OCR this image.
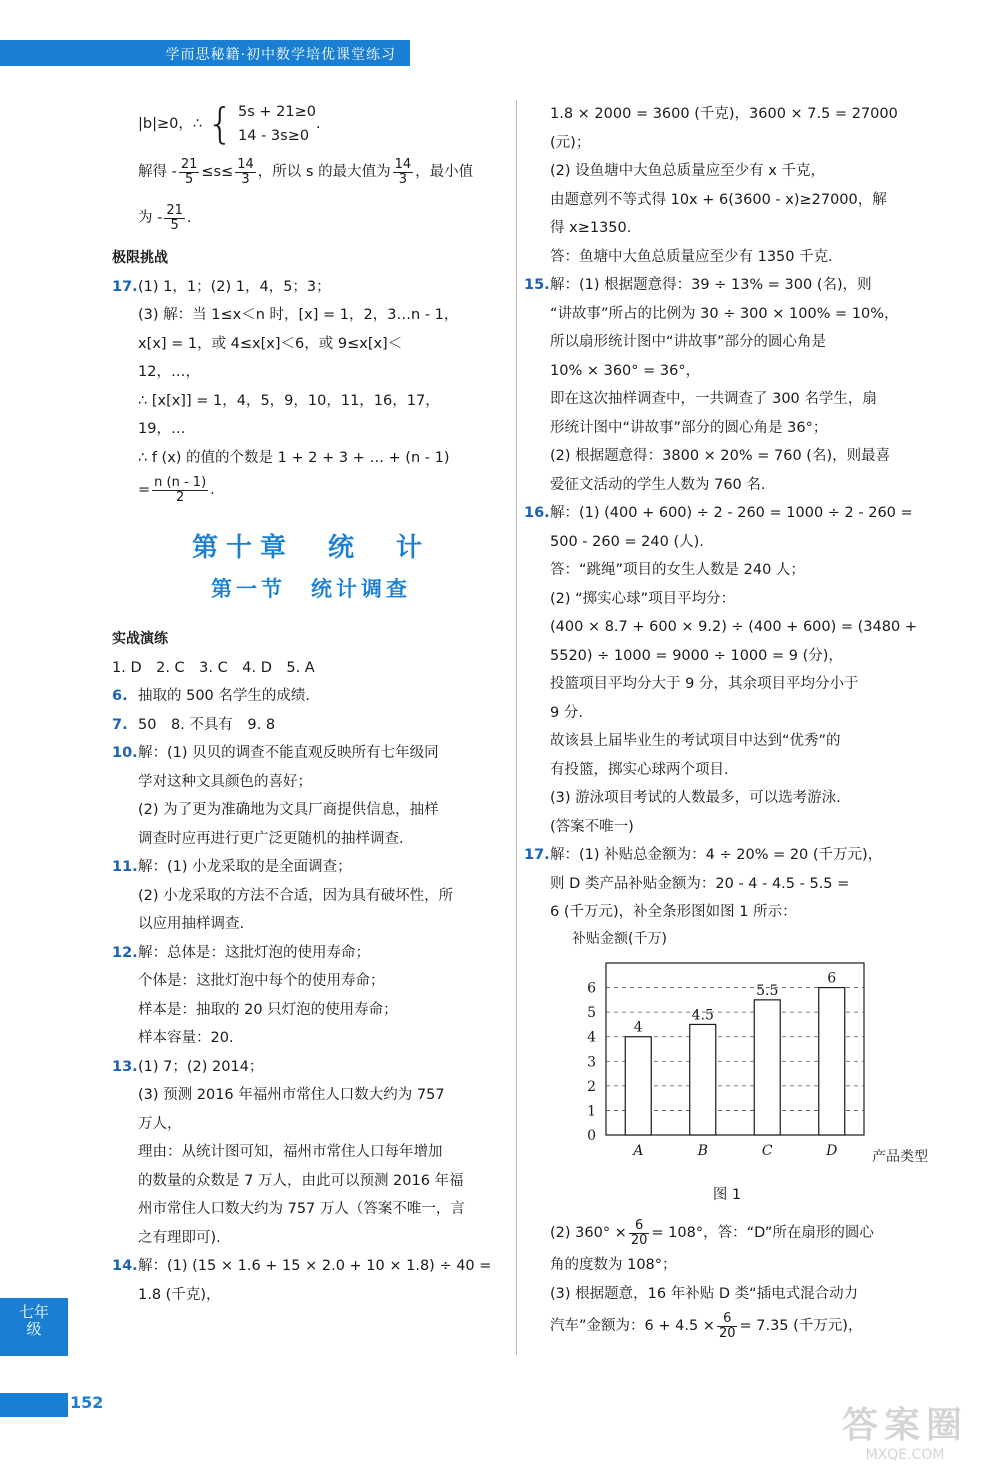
学而思秘籍·初中数学培优课堂练习
|b|≥0，∴ { 5s + 21≥0
14 - 3s≥0
.
解得 - $\frac{21}{5} \le s\le \frac{14}{3}$ ，所以 s 的最大值为 $\frac{14}{3}$ ，最小值
为 - $\frac{21}{5}$ .
极限挑战
17.(1) 1，1；(2) 1，4，5；3；
(3) 解：当 1≤x＜n 时，[x] = 1，2，3…n - 1，
x[x] = 1，或 4≤x[x]＜6，或 9≤x[x]＜
12，…，
∴ [x[x]] = 1，4，5，9，10，11，16，17，
19，…
∴ f (x) 的值的个数是 1 + 2 + 3 + … + (n - 1)
= $\frac{n (n - 1)}{2}$ .
第十章　统　计
第一节　统计调查
实战演练
1. D　2. C　3. C　4. D　5. A
6. 抽取的 500 名学生的成绩.
7. 50　8. 不具有　9. 8
10.解：(1) 贝贝的调查不能直观反映所有七年级同
学对这种文具颜色的喜好；
(2) 为了更为准确地为文具厂商提供信息，抽样
调查时应再进行更广泛更随机的抽样调查.
11.解：(1) 小龙采取的是全面调查；
(2) 小龙采取的方法不合适，因为具有破坏性，所
以应用抽样调查.
12.解：总体是：这批灯泡的使用寿命；
个体是：这批灯泡中每个的使用寿命；
样本是：抽取的 20 只灯泡的使用寿命；
样本容量：20.
13.(1) 7；(2) 2014；
(3) 预测 2016 年福州市常住人口数大约为 757
万人，
理由：从统计图可知，福州市常住人口每年增加
的数量的众数是 7 万人，由此可以预测 2016 年福
州市常住人口数大约为 757 万人（答案不唯一，言
之有理即可).
14.解：(1) (15 × 1.6 + 15 × 2.0 + 10 × 1.8) ÷ 40 =
1.8 (千克)，
1.8 × 2000 = 3600 (千克)，3600 × 7.5 = 27000
(元)；
(2) 设鱼塘中大鱼总质量应至少有 x 千克，
由题意列不等式得 10x + 6(3600 - x)≥27000，解
得 x≥1350.
答：鱼塘中大鱼总质量应至少有 1350 千克.
15.解：(1) 根据题意得：39 ÷ 13% = 300 (名)，则
“讲故事”所占的比例为 30 ÷ 300 × 100% = 10%，
所以扇形统计图中“讲故事”部分的圆心角是
10% × 360° = 36°，
即在这次抽样调查中，一共调查了 300 名学生，扇
形统计图中“讲故事”部分的圆心角是 36°；
(2) 根据题意得：3800 × 20% = 760 (名)，则最喜
爱征文活动的学生人数为 760 名.
16.解：(1) (400 + 600) ÷ 2 - 260 = 1000 ÷ 2 - 260 =
500 - 260 = 240 (人).
答：“跳绳”项目的女生人数是 240 人；
(2) “掷实心球”项目平均分：
(400 × 8.7 + 600 × 9.2) ÷ (400 + 600) = (3480 +
5520) ÷ 1000 = 9000 ÷ 1000 = 9 (分)，
投篮项目平均分大于 9 分，其余项目平均分小于
9 分.
故该县上届毕业生的考试项目中达到“优秀”的
有投篮，掷实心球两个项目.
(3) 游泳项目考试的人数最多，可以选考游泳.
(答案不唯一)
17.解：(1) 补贴总金额为：4 ÷ 20% = 20 (千万元)，
则 D 类产品补贴金额为：20 - 4 - 4.5 - 5.5 =
6 (千万元)，补全条形图如图 1 所示：
补贴金额(千万)
0
1
2
3
4
5
6
4
A
4.5
B
5.5
C
6
D 产品类型
图 1
(2) $360^\circ \times \frac{6}{20} = 108^\circ$，答：“D”所在扇形的圆心
角的度数为 108°；
(3) 根据题意，16 年补贴 D 类“插电式混合动力
汽车”金额为：$6 + 4.5 \times \frac{6}{20} = 7.35$ (千万元)，
七年级
152
答案圈
MXQE.COM
